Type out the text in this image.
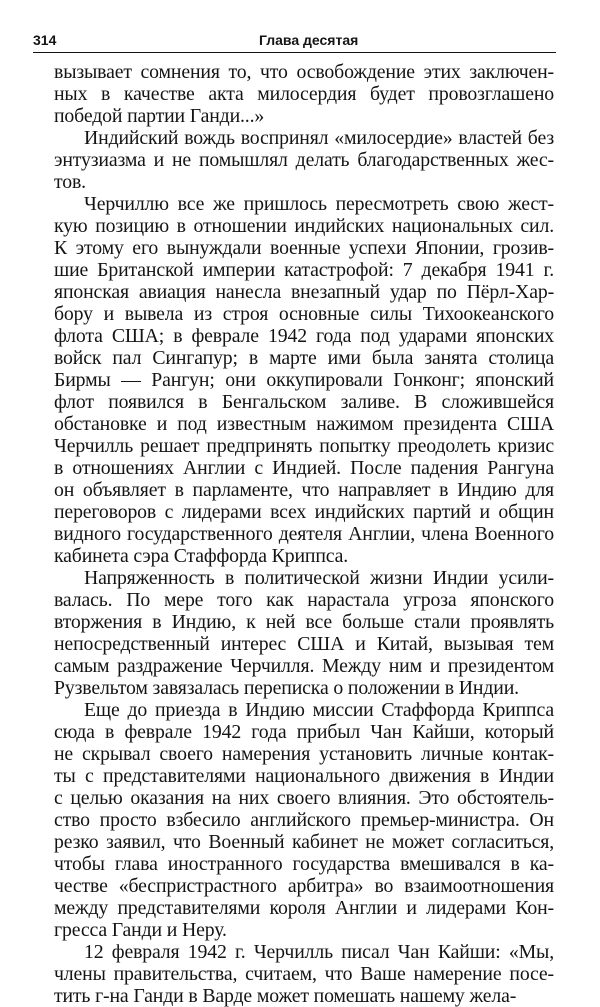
314	Глава десятая
вызывает сомнения то, что освобождение этих заключен-
ных в качестве акта милосердия будет провозглашено
победой партии Ганди...»
Индийский вождь воспринял «милосердие» властей без
энтузиазма и не помышлял делать благодарственных жес-
тов.
Черчиллю все же пришлось пересмотреть свою жест-
кую позицию в отношении индийских национальных сил.
К этому его вынуждали военные успехи Японии, грозив-
шие Британской империи катастрофой: 7 декабря 1941 г.
японская авиация нанесла внезапный удар по Пёрл-Хар-
бору и вывела из строя основные силы Тихоокеанского
флота США; в феврале 1942 года под ударами японских
войск пал Сингапур; в марте ими была занята столица
Бирмы — Рангун; они оккупировали Гонконг; японский
флот появился в Бенгальском заливе. В сложившейся
обстановке и под известным нажимом президента США
Черчилль решает предпринять попытку преодолеть кризис
в отношениях Англии с Индией. После падения Рангуна
он объявляет в парламенте, что направляет в Индию для
переговоров с лидерами всех индийских партий и общин
видного государственного деятеля Англии, члена Военного
кабинета сэра Стаффорда Криппса.
Напряженность в политической жизни Индии усили-
валась. По мере того как нарастала угроза японского
вторжения в Индию, к ней все больше стали проявлять
непосредственный интерес США и Китай, вызывая тем
самым раздражение Черчилля. Между ним и президентом
Рузвельтом завязалась переписка о положении в Индии.
Еще до приезда в Индию миссии Стаффорда Криппса
сюда в феврале 1942 года прибыл Чан Кайши, который
не скрывал своего намерения установить личные контак-
ты с представителями национального движения в Индии
с целью оказания на них своего влияния. Это обстоятель-
ство просто взбесило английского премьер-министра. Он
резко заявил, что Военный кабинет не может согласиться,
чтобы глава иностранного государства вмешивался в ка-
честве «беспристрастного арбитра» во взаимоотношения
между представителями короля Англии и лидерами Кон-
гресса Ганди и Неру.
12 февраля 1942 г. Черчилль писал Чан Кайши: «Мы,
члены правительства, считаем, что Ваше намерение посе-
тить г-на Ганди в Варде может помешать нашему жела-
